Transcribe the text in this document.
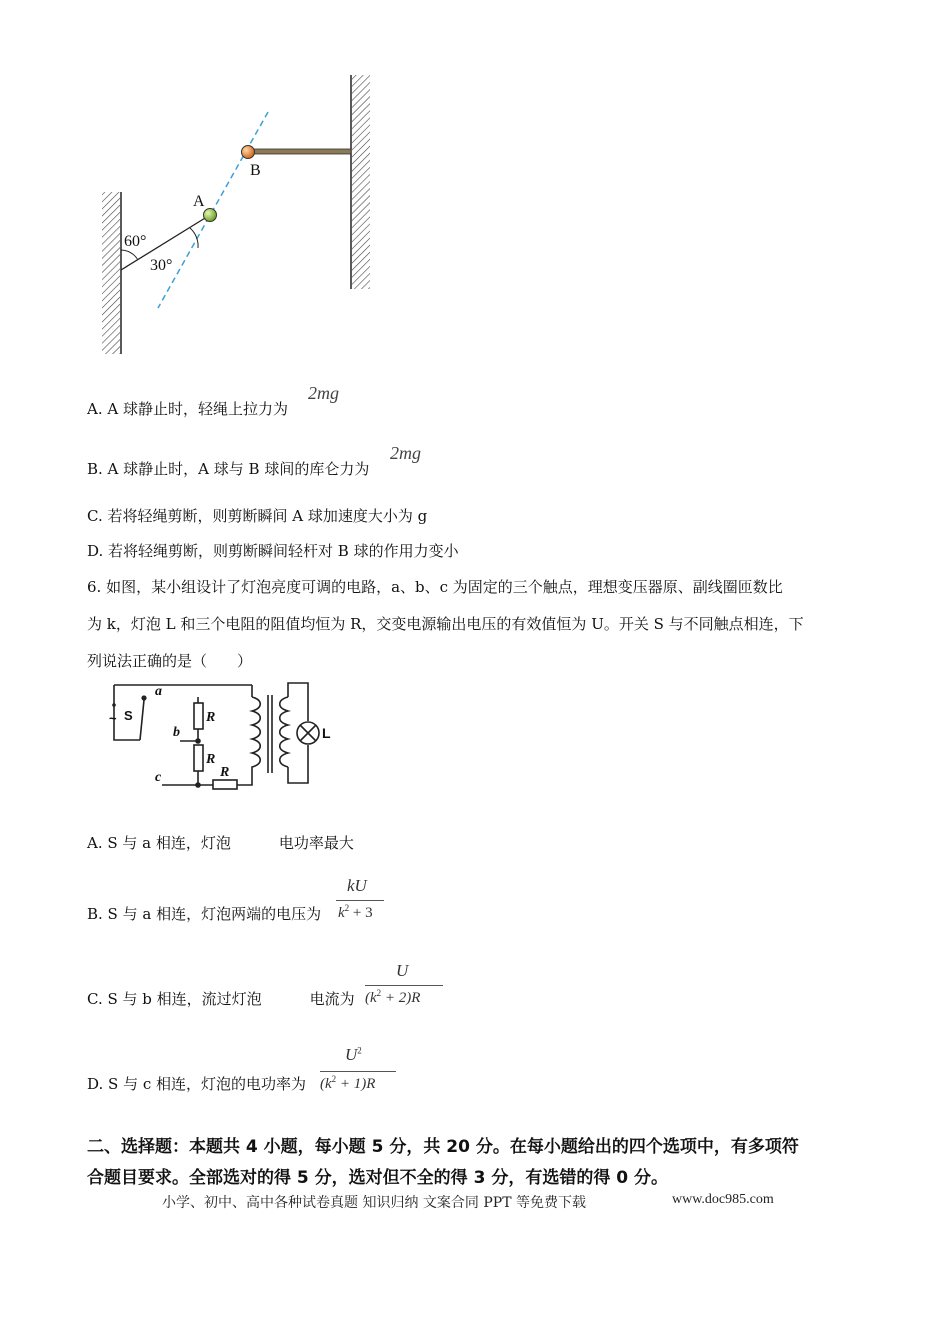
A
B
60°
30°
A. A 球静止时，轻绳上拉力为
2mg
B. A 球静止时，A 球与 B 球间的库仑力为
2mg
C. 若将轻绳剪断，则剪断瞬间 A 球加速度大小为 g
D. 若将轻绳剪断，则剪断瞬间轻杆对 B 球的作用力变小
6. 如图，某小组设计了灯泡亮度可调的电路，a、b、c 为固定的三个触点，理想变压器原、副线圈匝数比
为 k，灯泡 L 和三个电阻的阻值均恒为 R，交变电源输出电压的有效值恒为 U。开关 S 与不同触点相连，下
列说法正确的是（　　）
~ S
a
b
c
R
R
R
L
A. S 与 a 相连，灯泡	电功率最大
B. S 与 a 相连，灯泡两端的电压为
kU
$k^2 + 3$
C. S 与 b 相连，流过灯泡	电流为
U
$(k^2 + 2)R$
D. S 与 c 相连，灯泡的电功率为
$U^2$
$(k^2 + 1)R$
二、选择题：本题共 4 小题，每小题 5 分，共 20 分。在每小题给出的四个选项中，有多项符
合题目要求。全部选对的得 5 分，选对但不全的得 3 分，有选错的得 0 分。
小学、初中、高中各种试卷真题 知识归纳 文案合同 PPT 等免费下载	www.doc985.com
